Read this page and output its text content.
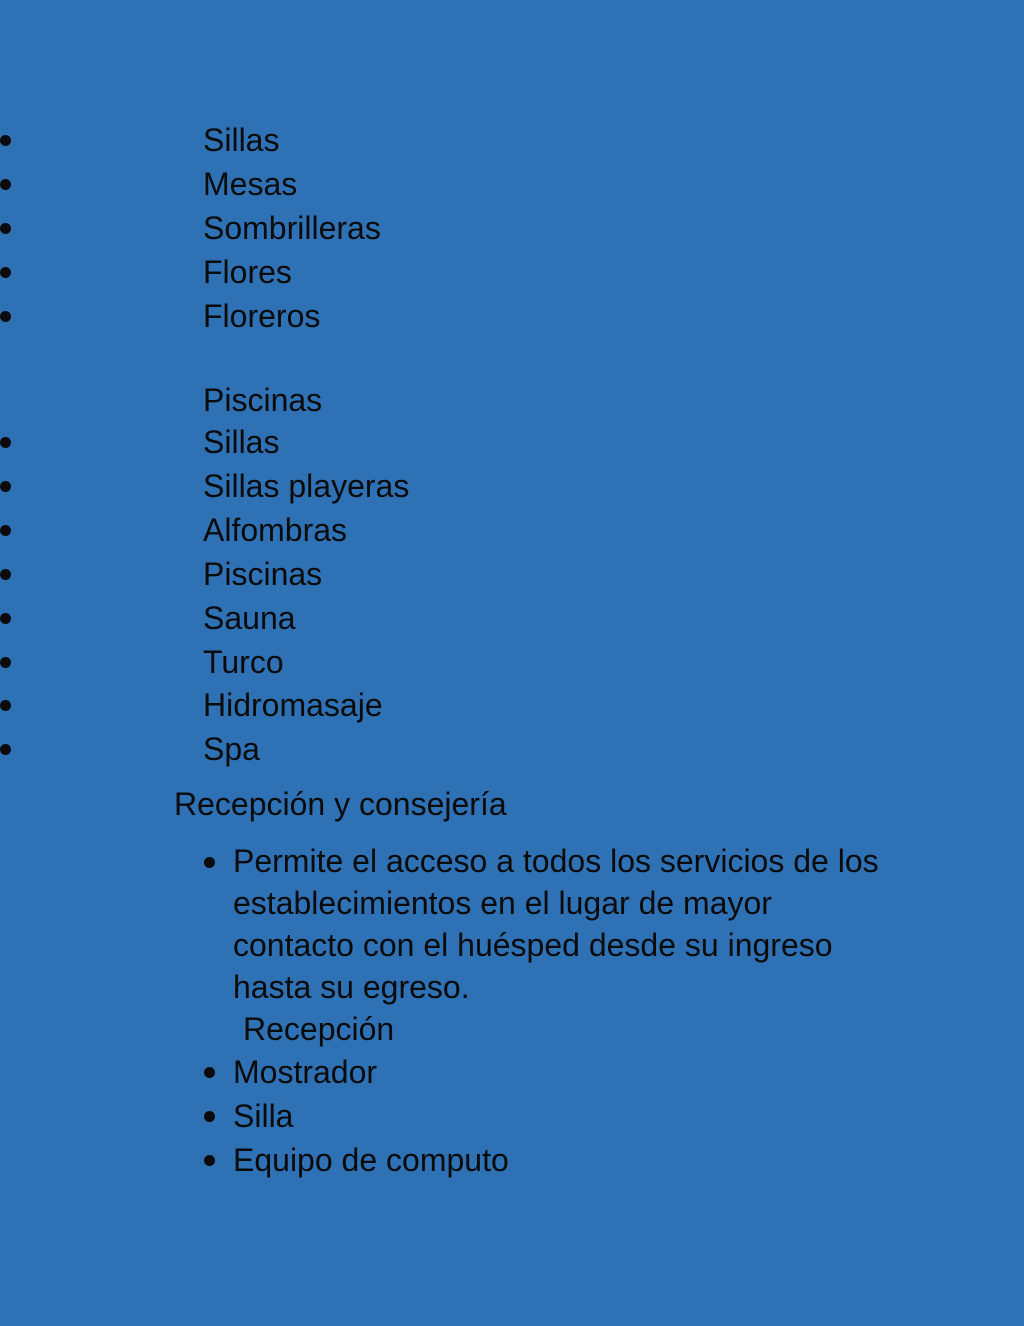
Sillas
Mesas
Sombrilleras
Flores
Floreros
Piscinas
Sillas
Sillas playeras
Alfombras
Piscinas
Sauna
Turco
Hidromasaje
Spa
Recepción y consejería
Permite el acceso a todos los servicios de los establecimientos en el lugar de mayor contacto con el huésped desde su ingreso hasta su egreso.
Recepción
Mostrador
Silla
Equipo de computo
